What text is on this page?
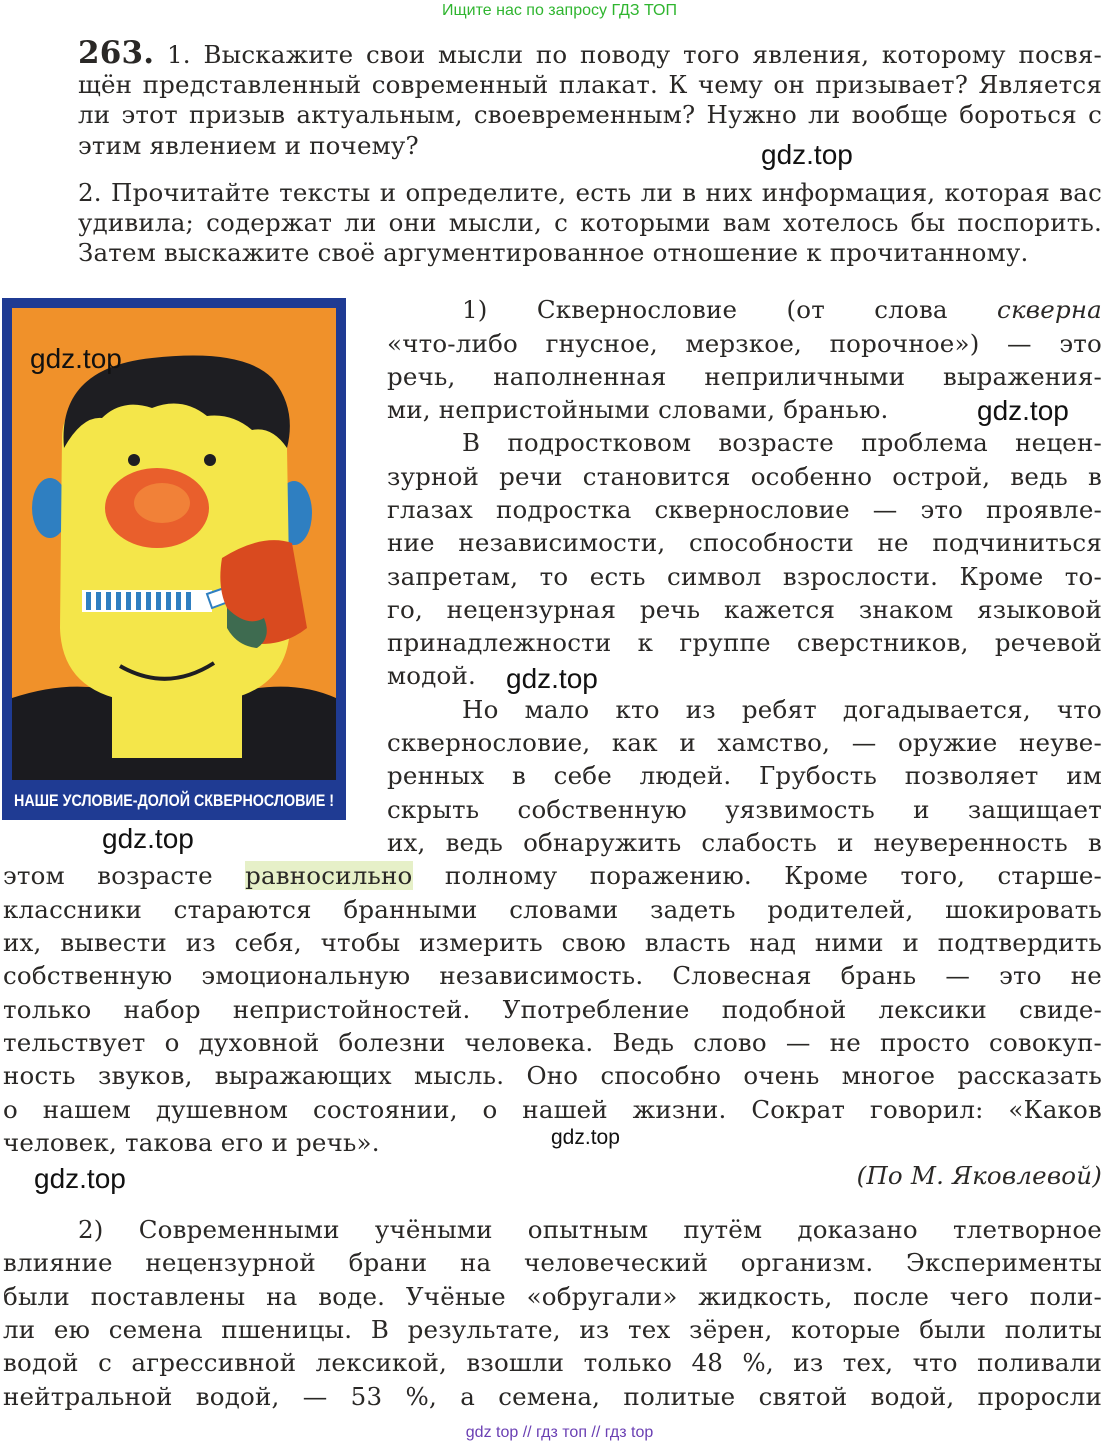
Ищите нас по запросу ГДЗ ТОП
gdz top // гдз топ // гдз top
263. 1. Выскажите свои мысли по поводу того явления, которому посвя-
щён представленный современный плакат. К чему он призывает? Является
ли этот призыв актуальным, своевременным? Нужно ли вообще бороться с
этим явлением и почему?
2. Прочитайте тексты и определите, есть ли в них информация, которая вас
удивила; содержат ли они мысли, с которыми вам хотелось бы поспорить.
Затем выскажите своё аргументированное отношение к прочитанному.
НАШЕ УСЛОВИЕ-ДОЛОЙ СКВЕРНОСЛОВИЕ !
1) Сквернословие (от слова скверна
«что-либо гнусное, мерзкое, порочное») — это
речь, наполненная неприличными выражения-
ми, непристойными словами, бранью.
В подростковом возрасте проблема нецен-
зурной речи становится особенно острой, ведь в
глазах подростка сквернословие — это проявле-
ние независимости, способности не подчиниться
запретам, то есть символ взрослости. Кроме то-
го, нецензурная речь кажется знаком языковой
принадлежности к группе сверстников, речевой
модой.
Но мало кто из ребят догадывается, что
сквернословие, как и хамство, — оружие неуве-
ренных в себе людей. Грубость позволяет им
скрыть собственную уязвимость и защищает
их, ведь обнаружить слабость и неуверенность в
этом возрасте равносильно полному поражению. Кроме того, старше-
классники стараются бранными словами задеть родителей, шокировать
их, вывести из себя, чтобы измерить свою власть над ними и подтвердить
собственную эмоциональную независимость. Словесная брань — это не
только набор непристойностей. Употребление подобной лексики свиде-
тельствует о духовной болезни человека. Ведь слово — не просто совокуп-
ность звуков, выражающих мысль. Оно способно очень многое рассказать
о нашем душевном состоянии, о нашей жизни. Сократ говорил: «Каков
человек, такова его и речь».
(По М. Яковлевой)
2) Современными учёными опытным путём доказано тлетворное
влияние нецензурной брани на человеческий организм. Эксперименты
были поставлены на воде. Учёные «обругали» жидкость, после чего поли-
ли ею семена пшеницы. В результате, из тех зёрен, которые были политы
водой с агрессивной лексикой, взошли только 48 %, из тех, что поливали
нейтральной водой, — 53 %, а семена, политые святой водой, проросли
gdz.top
gdz.top
gdz.top
gdz.top
gdz.top
gdz.top
gdz.top
